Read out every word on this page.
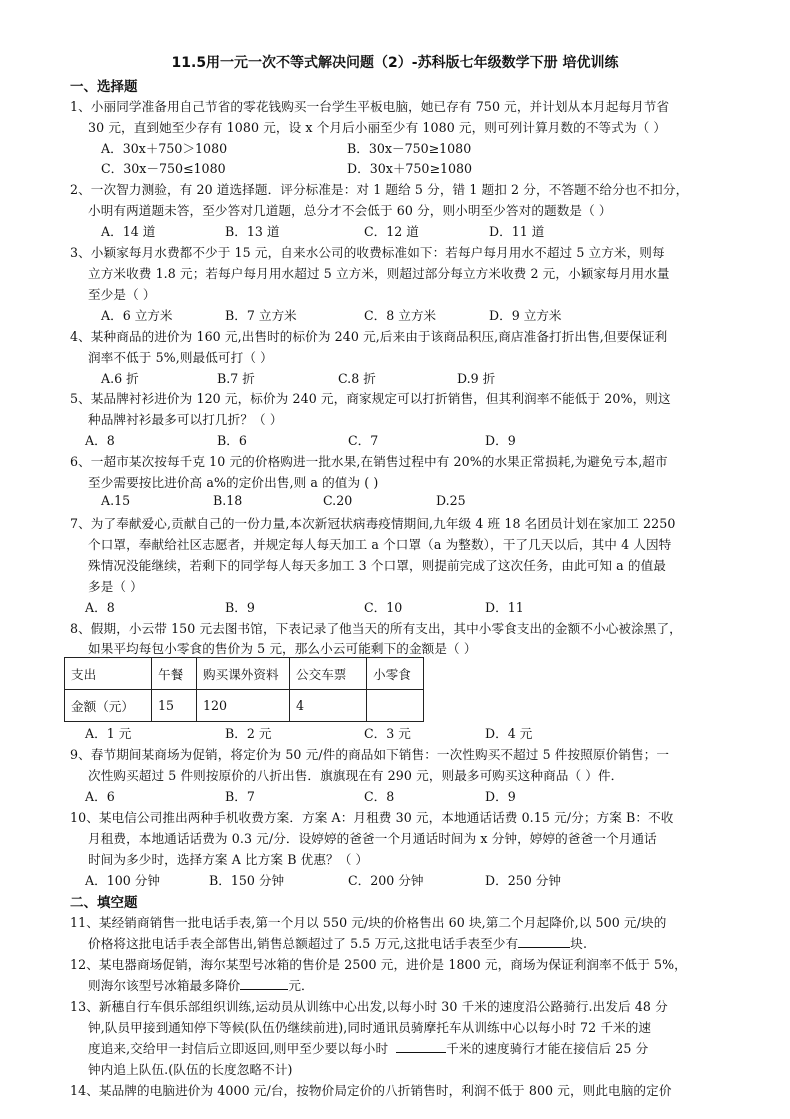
11.5用一元一次不等式解决问题（2）-苏科版七年级数学下册 培优训练
一、选择题
1、小丽同学准备用自己节省的零花钱购买一台学生平板电脑，她已存有 750 元，并计划从本月起每月节省
30 元，直到她至少存有 1080 元，设 x 个月后小丽至少有 1080 元，则可列计算月数的不等式为（ ）
A．30x＋750＞1080	B．30x－750≥1080
C．30x－750≤1080	D．30x＋750≥1080
2、一次智力测验，有 20 道选择题．评分标准是：对 1 题给 5 分，错 1 题扣 2 分，不答题不给分也不扣分，
小明有两道题未答，至少答对几道题，总分才不会低于 60 分，则小明至少答对的题数是（ ）
A．14 道	B．13 道	C．12 道	D．11 道
3、小颖家每月水费都不少于 15 元，自来水公司的收费标准如下：若每户每月用水不超过 5 立方米，则每
立方米收费 1.8 元；若每户每月用水超过 5 立方米，则超过部分每立方米收费 2 元，小颖家每月用水量
至少是（ ）
A．6 立方米	B．7 立方米	C．8 立方米	D．9 立方米
4、某种商品的进价为 160 元,出售时的标价为 240 元,后来由于该商品积压,商店准备打折出售,但要保证利
润率不低于 5%,则最低可打（ ）
A.6 折	B.7 折	C.8 折	D.9 折
5、某品牌衬衫进价为 120 元，标价为 240 元，商家规定可以打折销售，但其利润率不能低于 20%，则这
种品牌衬衫最多可以打几折？（ ）
A．8	B．6	C．7	D．9
6、一超市某次按每千克 10 元的价格购进一批水果,在销售过程中有 20%的水果正常损耗,为避免亏本,超市
至少需要按比进价高 a%的定价出售,则 a 的值为 ( )
A.15	B.18	C.20	D.25
7、为了奉献爱心,贡献自己的一份力量,本次新冠状病毒疫情期间,九年级 4 班 18 名团员计划在家加工 2250
个口罩，奉献给社区志愿者，并规定每人每天加工 a 个口罩（a 为整数），干了几天以后，其中 4 人因特
殊情况没能继续，若剩下的同学每人每天多加工 3 个口罩，则提前完成了这次任务，由此可知 a 的值最
多是（ ）
A．8	B．9	C．10	D．11
8、假期，小云带 150 元去图书馆，下表记录了他当天的所有支出，其中小零食支出的金额不小心被涂黑了，
如果平均每包小零食的售价为 5 元，那么小云可能剩下的金额是（ ）
支出	午餐	购买课外资料	公交车票	小零食
金额（元）	15	120	4	
A．1 元	B．2 元	C．3 元	D．4 元
9、春节期间某商场为促销，将定价为 50 元/件的商品如下销售：一次性购买不超过 5 件按照原价销售；一
次性购买超过 5 件则按原价的八折出售．旗旗现在有 290 元，则最多可购买这种商品（ ）件．
A．6	B．7	C．8	D．9
10、某电信公司推出两种手机收费方案．方案 A：月租费 30 元，本地通话话费 0.15 元/分；方案 B：不收
月租费，本地通话话费为 0.3 元/分．设婷婷的爸爸一个月通话时间为 x 分钟，婷婷的爸爸一个月通话
时间为多少时，选择方案 A 比方案 B 优惠？（ ）
A．100 分钟	B．150 分钟	C．200 分钟	D．250 分钟
二、填空题
11、某经销商销售一批电话手表,第一个月以 550 元/块的价格售出 60 块,第二个月起降价,以 500 元/块的
价格将这批电话手表全部售出,销售总额超过了 5.5 万元,这批电话手表至少有	块.
12、某电器商场促销，海尔某型号冰箱的售价是 2500 元，进价是 1800 元，商场为保证利润率不低于 5%，
则海尔该型号冰箱最多降价	元．
13、新穗自行车俱乐部组织训练,运动员从训练中心出发,以每小时 30 千米的速度沿公路骑行.出发后 48 分
钟,队员甲接到通知停下等候(队伍仍继续前进),同时通讯员骑摩托车从训练中心以每小时 72 千米的速
度追来,交给甲一封信后立即返回,则甲至少要以每小时	千米的速度骑行才能在接信后 25 分
钟内追上队伍.(队伍的长度忽略不计)
14、某品牌的电脑进价为 4000 元/台，按物价局定价的八折销售时，利润不低于 800 元，则此电脑的定价
